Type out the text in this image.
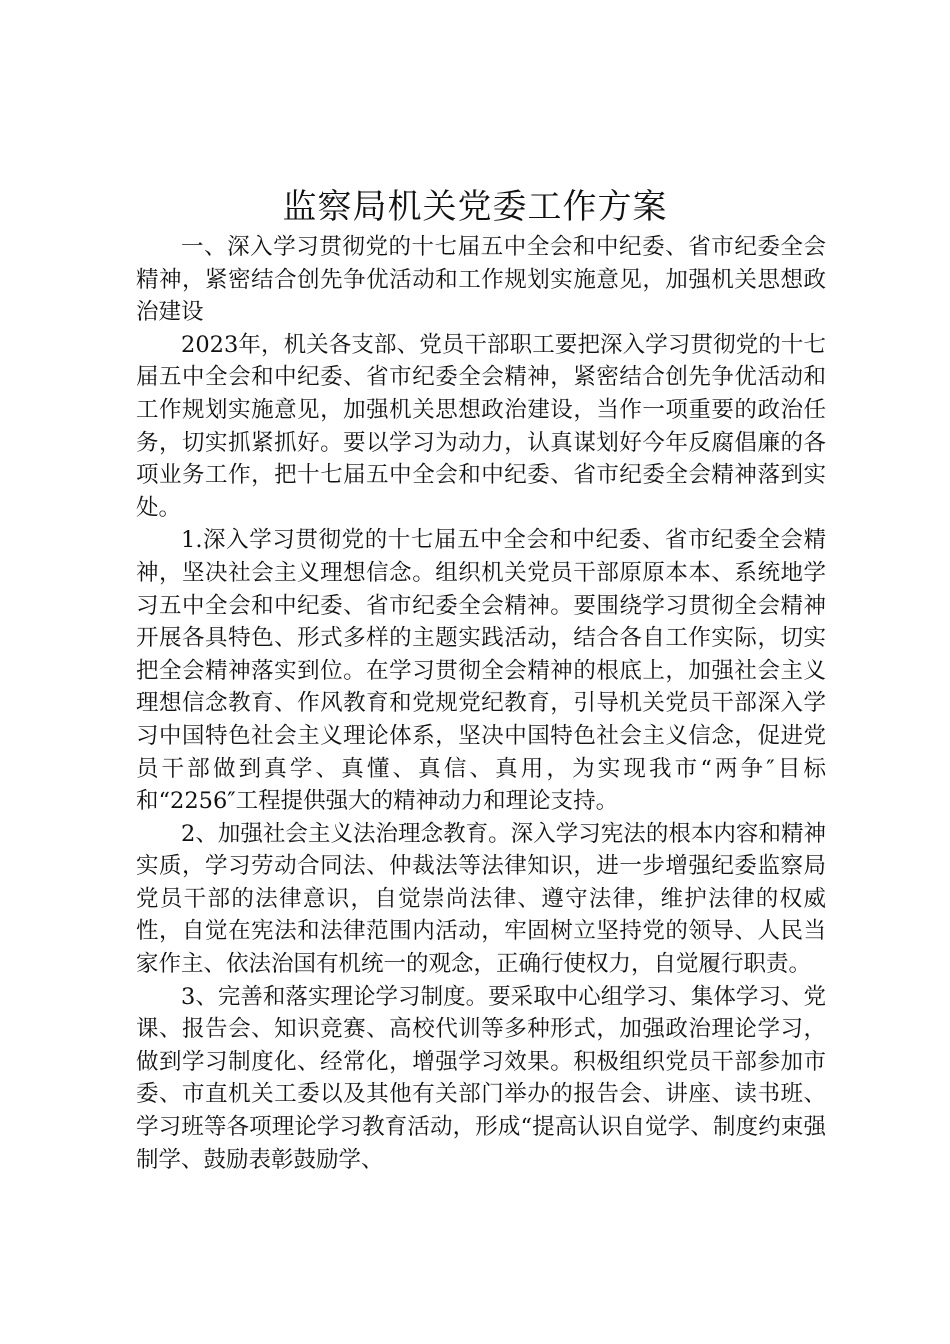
监察局机关党委工作方案

一、深入学习贯彻党的十七届五中全会和中纪委、省市纪委全会精神，紧密结合创先争优活动和工作规划实施意见，加强机关思想政治建设

2023年，机关各支部、党员干部职工要把深入学习贯彻党的十七届五中全会和中纪委、省市纪委全会精神，紧密结合创先争优活动和工作规划实施意见，加强机关思想政治建设，当作一项重要的政治任务，切实抓紧抓好。要以学习为动力，认真谋划好今年反腐倡廉的各项业务工作，把十七届五中全会和中纪委、省市纪委全会精神落到实处。

1.深入学习贯彻党的十七届五中全会和中纪委、省市纪委全会精神，坚决社会主义理想信念。组织机关党员干部原原本本、系统地学习五中全会和中纪委、省市纪委全会精神。要围绕学习贯彻全会精神开展各具特色、形式多样的主题实践活动，结合各自工作实际，切实把全会精神落实到位。在学习贯彻全会精神的根底上，加强社会主义理想信念教育、作风教育和党规党纪教育，引导机关党员干部深入学习中国特色社会主义理论体系，坚决中国特色社会主义信念，促进党员干部做到真学、真懂、真信、真用，为实现我市“两争″目标和“2256″工程提供强大的精神动力和理论支持。

2、加强社会主义法治理念教育。深入学习宪法的根本内容和精神实质，学习劳动合同法、仲裁法等法律知识，进一步增强纪委监察局党员干部的法律意识，自觉崇尚法律、遵守法律，维护法律的权威性，自觉在宪法和法律范围内活动，牢固树立坚持党的领导、人民当家作主、依法治国有机统一的观念，正确行使权力，自觉履行职责。

3、完善和落实理论学习制度。要采取中心组学习、集体学习、党课、报告会、知识竞赛、高校代训等多种形式，加强政治理论学习，做到学习制度化、经常化，增强学习效果。积极组织党员干部参加市委、市直机关工委以及其他有关部门举办的报告会、讲座、读书班、学习班等各项理论学习教育活动，形成“提高认识自觉学、制度约束强制学、鼓励表彰鼓励学、
